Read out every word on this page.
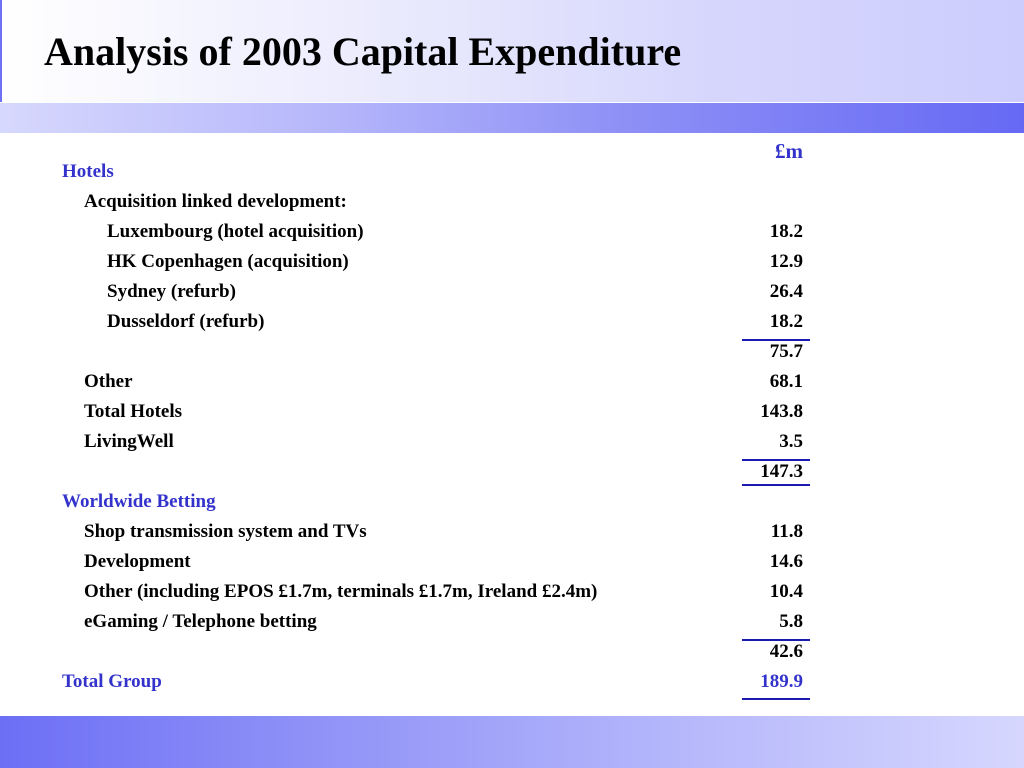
Analysis of 2003 Capital Expenditure
£m
Hotels
Acquisition linked development:
Luxembourg (hotel acquisition)	18.2
HK Copenhagen (acquisition)	12.9
Sydney (refurb)	26.4
Dusseldorf (refurb)	18.2
75.7
Other	68.1
Total Hotels	143.8
LivingWell	3.5
147.3
Worldwide Betting
Shop transmission system and TVs	11.8
Development	14.6
Other (including EPOS £1.7m, terminals £1.7m, Ireland £2.4m)	10.4
eGaming / Telephone betting	5.8
42.6
Total Group	189.9
